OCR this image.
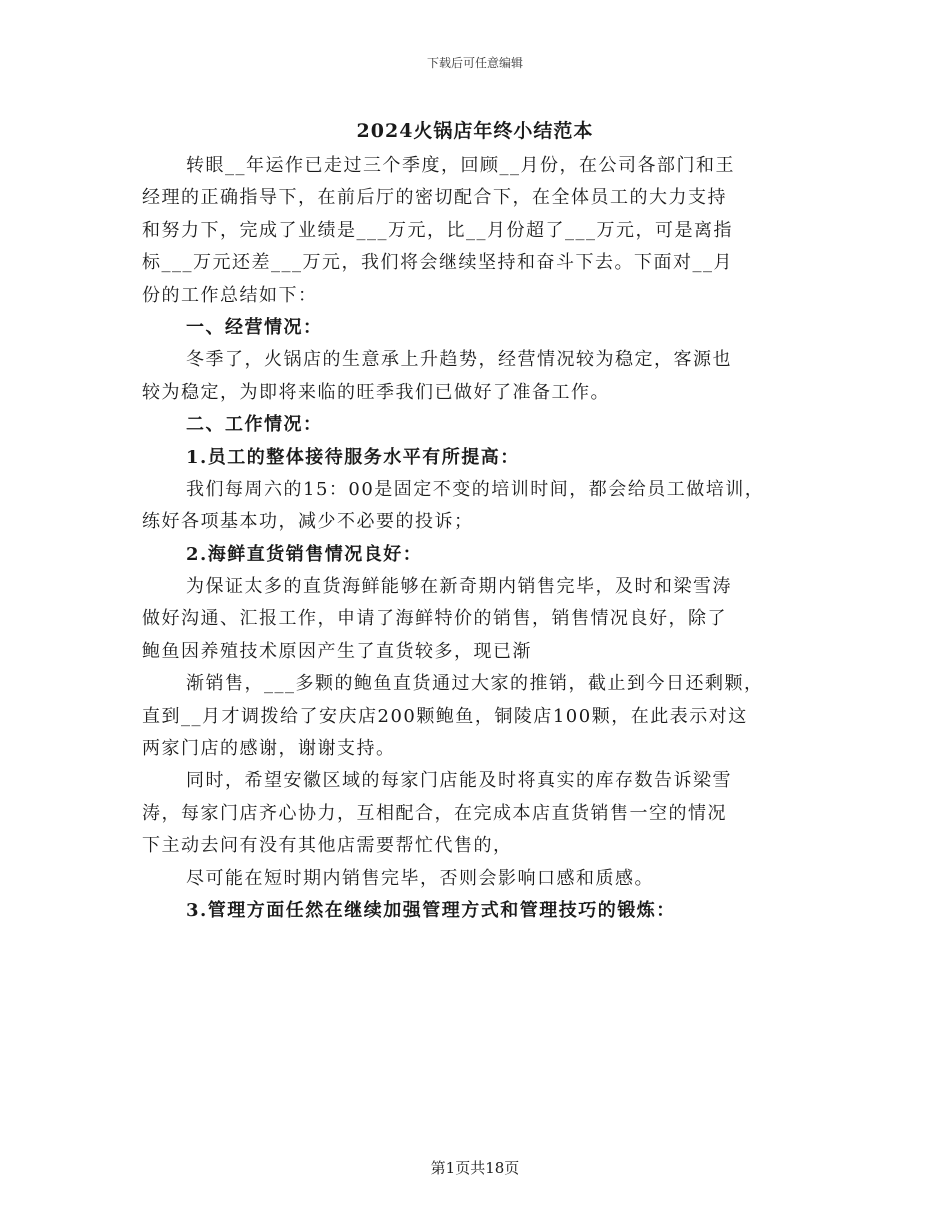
下载后可任意编辑
2024火锅店年终小结范本
转眼__年运作已走过三个季度，回顾__月份，在公司各部门和王
经理的正确指导下，在前后厅的密切配合下，在全体员工的大力支持
和努力下，完成了业绩是___万元，比__月份超了___万元，可是离指
标___万元还差___万元，我们将会继续坚持和奋斗下去。下面对__月
份的工作总结如下：
一、经营情况：
冬季了，火锅店的生意承上升趋势，经营情况较为稳定，客源也
较为稳定，为即将来临的旺季我们已做好了准备工作。
二、工作情况：
1.员工的整体接待服务水平有所提高：
我们每周六的15：00是固定不变的培训时间，都会给员工做培训，
练好各项基本功，减少不必要的投诉；
2.海鲜直货销售情况良好：
为保证太多的直货海鲜能够在新奇期内销售完毕，及时和梁雪涛
做好沟通、汇报工作，申请了海鲜特价的销售，销售情况良好，除了
鲍鱼因养殖技术原因产生了直货较多，现已渐
渐销售，___多颗的鲍鱼直货通过大家的推销，截止到今日还剩颗，
直到__月才调拨给了安庆店200颗鲍鱼，铜陵店100颗，在此表示对这
两家门店的感谢，谢谢支持。
同时，希望安徽区域的每家门店能及时将真实的库存数告诉梁雪
涛，每家门店齐心协力，互相配合，在完成本店直货销售一空的情况
下主动去问有没有其他店需要帮忙代售的，
尽可能在短时期内销售完毕，否则会影响口感和质感。
3.管理方面任然在继续加强管理方式和管理技巧的锻炼：
第1页共18页
